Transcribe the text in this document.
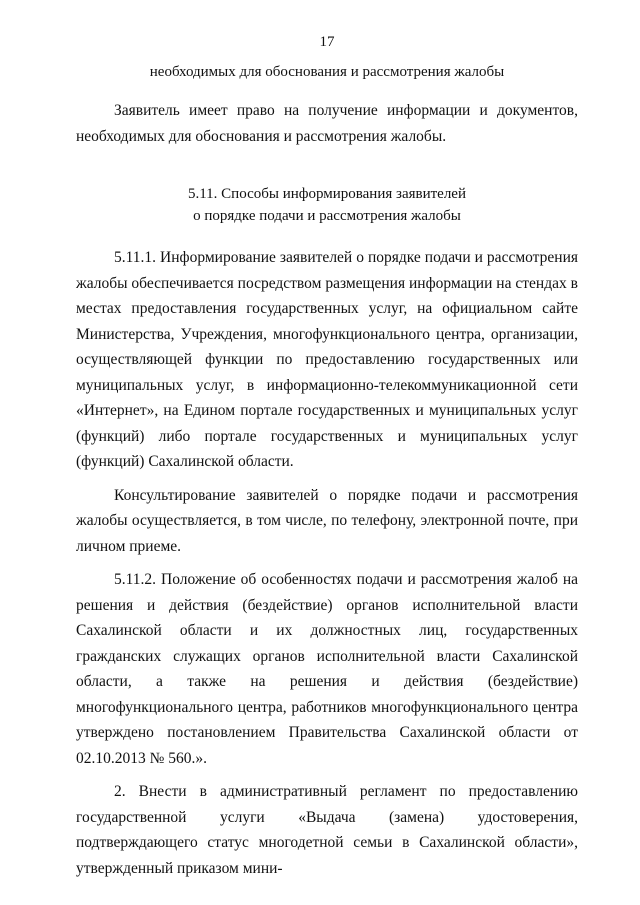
17
необходимых для обоснования и рассмотрения жалобы

Заявитель имеет право на получение информации и документов, необходимых для обоснования и рассмотрения жалобы.

5.11. Способы информирования заявителей
о порядке подачи и рассмотрения жалобы

5.11.1. Информирование заявителей о порядке подачи и рассмотрения жалобы обеспечивается посредством размещения информации на стендах в местах предоставления государственных услуг, на официальном сайте Министерства, Учреждения, многофункционального центра, организации, осуществляющей функции по предоставлению государственных или муниципальных услуг, в информационно-телекоммуникационной сети «Интернет», на Едином портале государственных и муниципальных услуг (функций) либо портале государственных и муниципальных услуг (функций) Сахалинской области.

Консультирование заявителей о порядке подачи и рассмотрения жалобы осуществляется, в том числе, по телефону, электронной почте, при личном приеме.

5.11.2. Положение об особенностях подачи и рассмотрения жалоб на решения и действия (бездействие) органов исполнительной власти Сахалинской области и их должностных лиц, государственных гражданских служащих органов исполнительной власти Сахалинской области, а также на решения и действия (бездействие) многофункционального центра, работников многофункционального центра утверждено постановлением Правительства Сахалинской области от 02.10.2013 № 560.».

2. Внести в административный регламент по предоставлению государственной услуги «Выдача (замена) удостоверения, подтверждающего статус многодетной семьи в Сахалинской области», утвержденный приказом мини-
